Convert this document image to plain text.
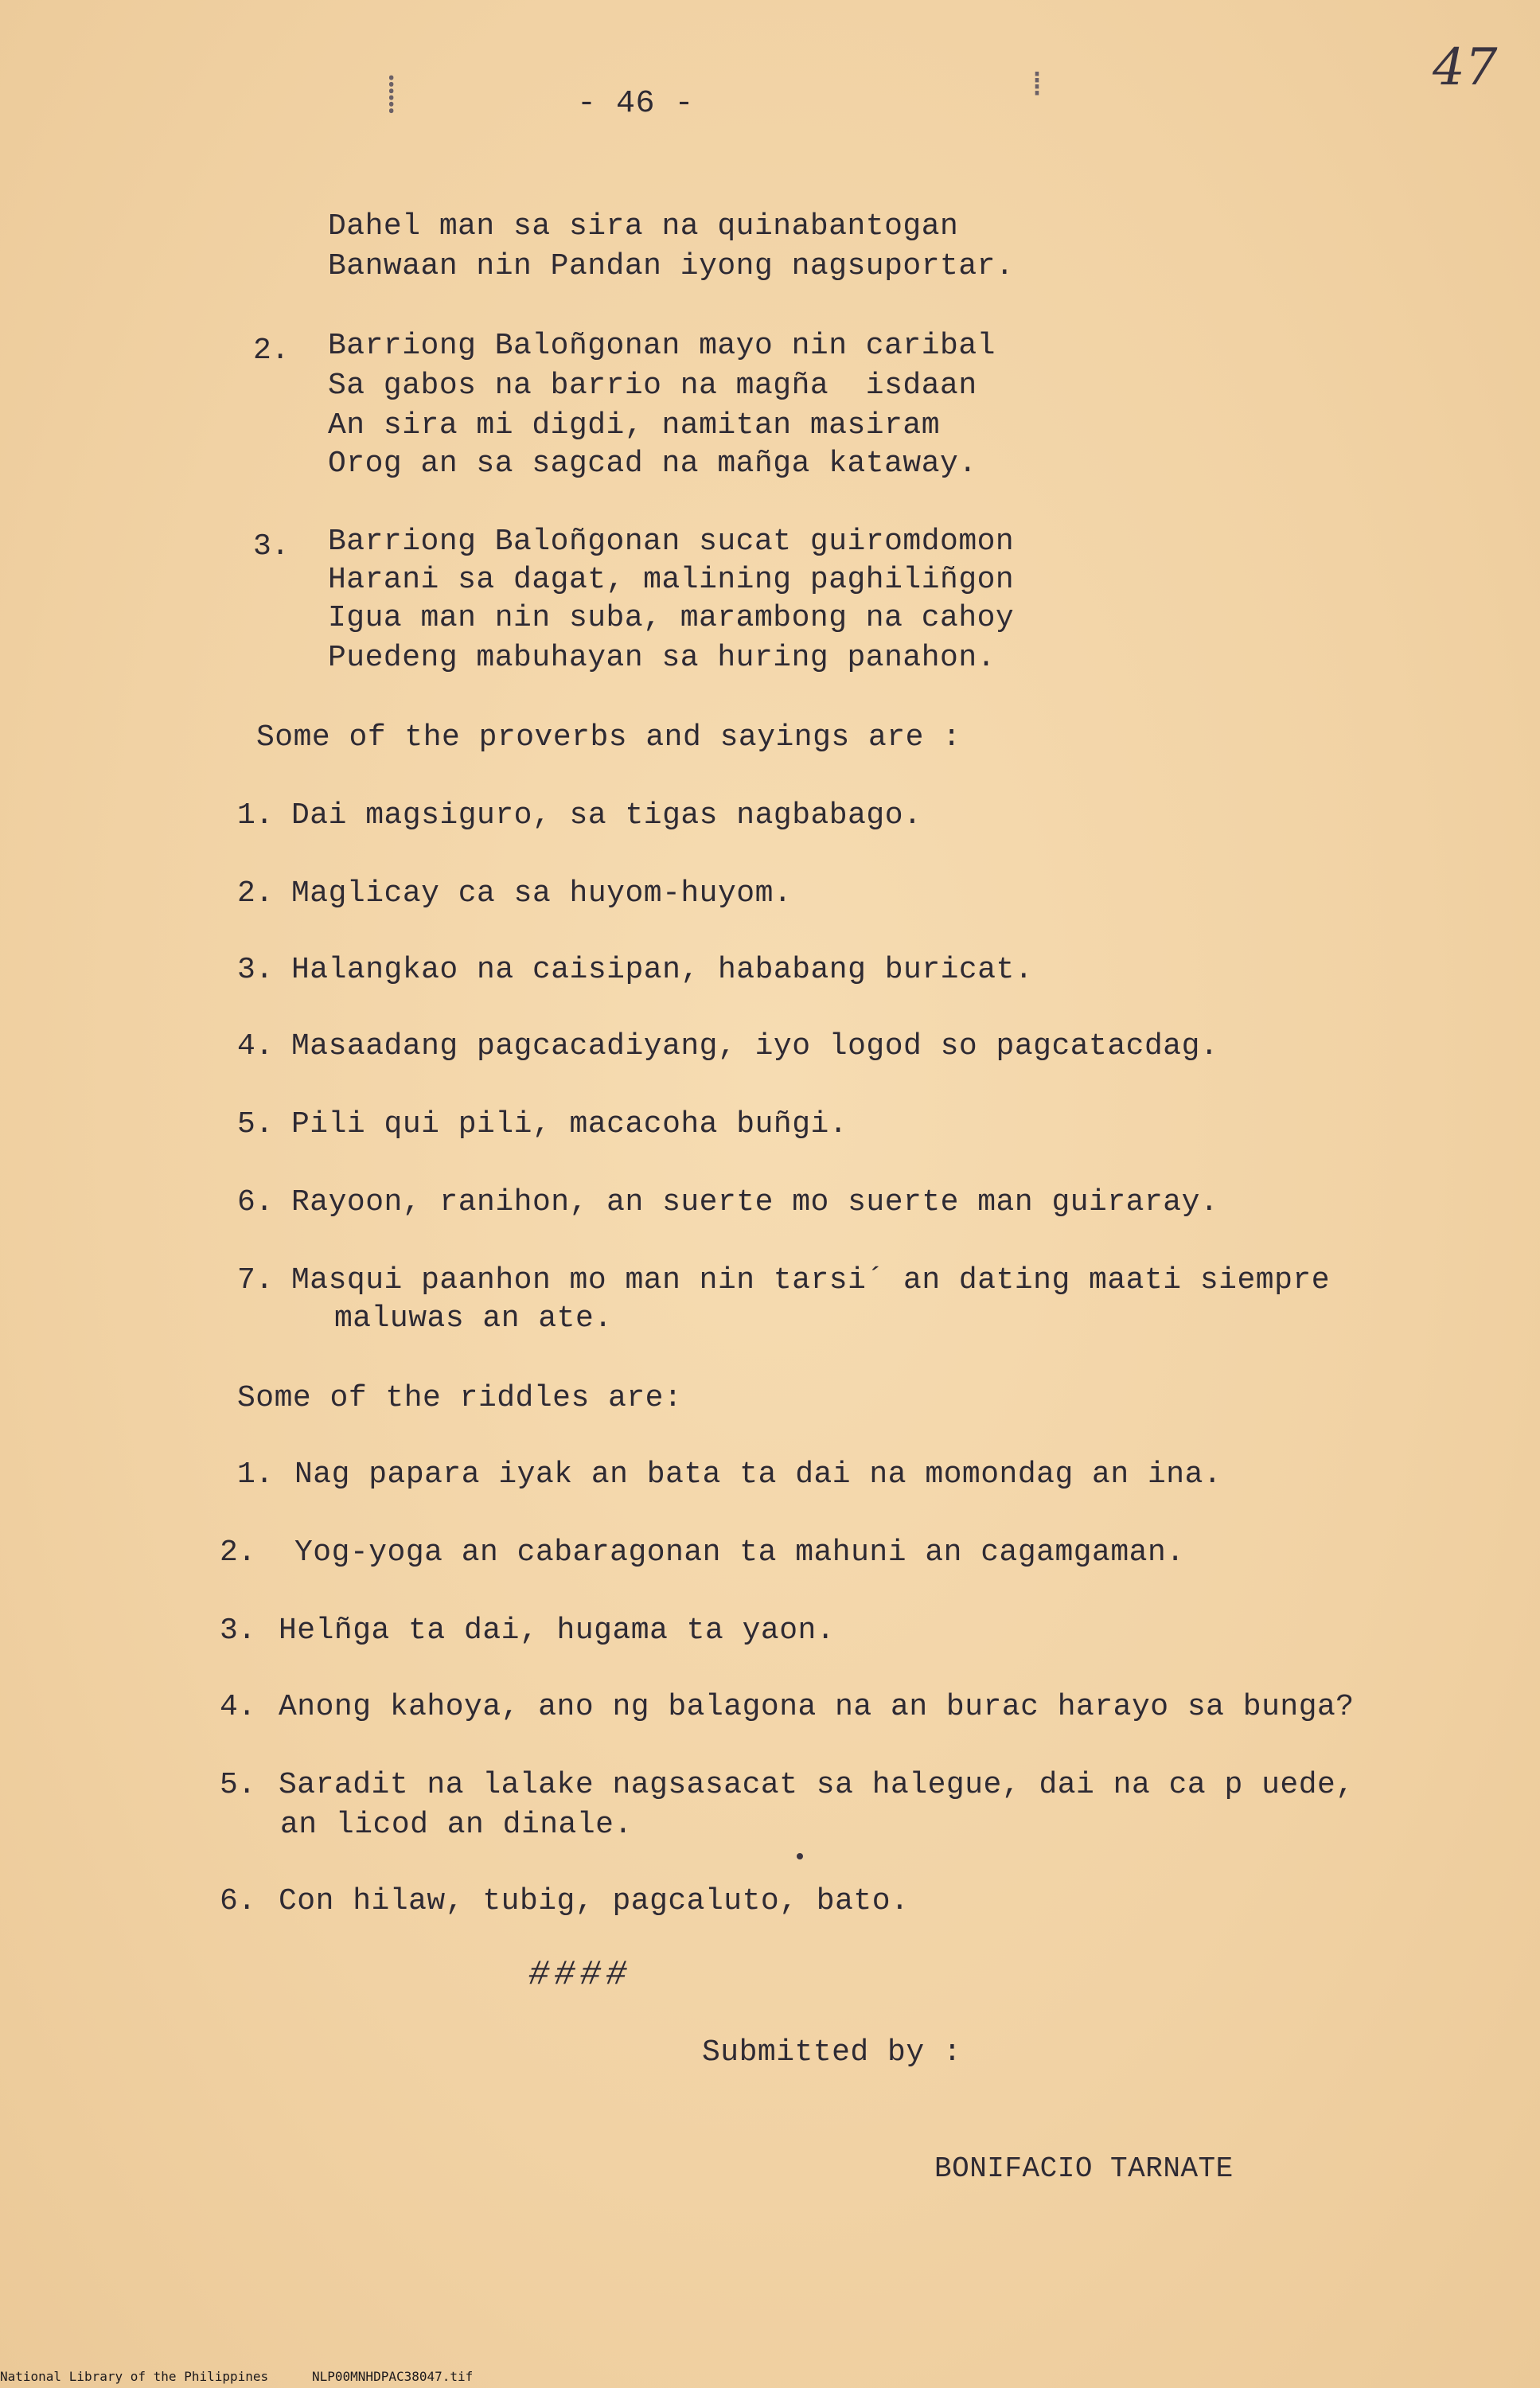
⸽	⁞
- 46 -
47
Dahel man sa sira na quinabantogan
Banwaan nin Pandan iyong nagsuportar.
2. Barriong Baloñgonan mayo nin caribal
Sa gabos na barrio na magña  isdaan
An sira mi digdi, namitan masiram
Orog an sa sagcad na mañga kataway.
3. Barriong Baloñgonan sucat guiromdomon
Harani sa dagat, malining paghiliñgon
Igua man nin suba, marambong na cahoy
Puedeng mabuhayan sa huring panahon.
Some of the proverbs and sayings are :
1. Dai magsiguro, sa tigas nagbabago.
2. Maglicay ca sa huyom-huyom.
3. Halangkao na caisipan, hababang buricat.
4. Masaadang pagcacadiyang, iyo logod so pagcatacdag.
5. Pili qui pili, macacoha buñgi.
6. Rayoon, ranihon, an suerte mo suerte man guiraray.
7. Masqui paanhon mo man nin tarsi´ an dating maati siempre
maluwas an ate.
Some of the riddles are:
1. Nag papara iyak an bata ta dai na momondag an ina.
2. Yog-yoga an cabaragonan ta mahuni an cagamgaman.
3. Helñga ta dai, hugama ta yaon.
4. Anong kahoya, ano ng balagona na an burac harayo sa bunga?
5. Saradit na lalake nagsasacat sa halegue, dai na ca p uede,
an licod an dinale.
6. Con hilaw, tubig, pagcaluto, bato.
####
Submitted by :
BONIFACIO TARNATE
National Library of the Philippines	NLP00MNHDPAC38047.tif
